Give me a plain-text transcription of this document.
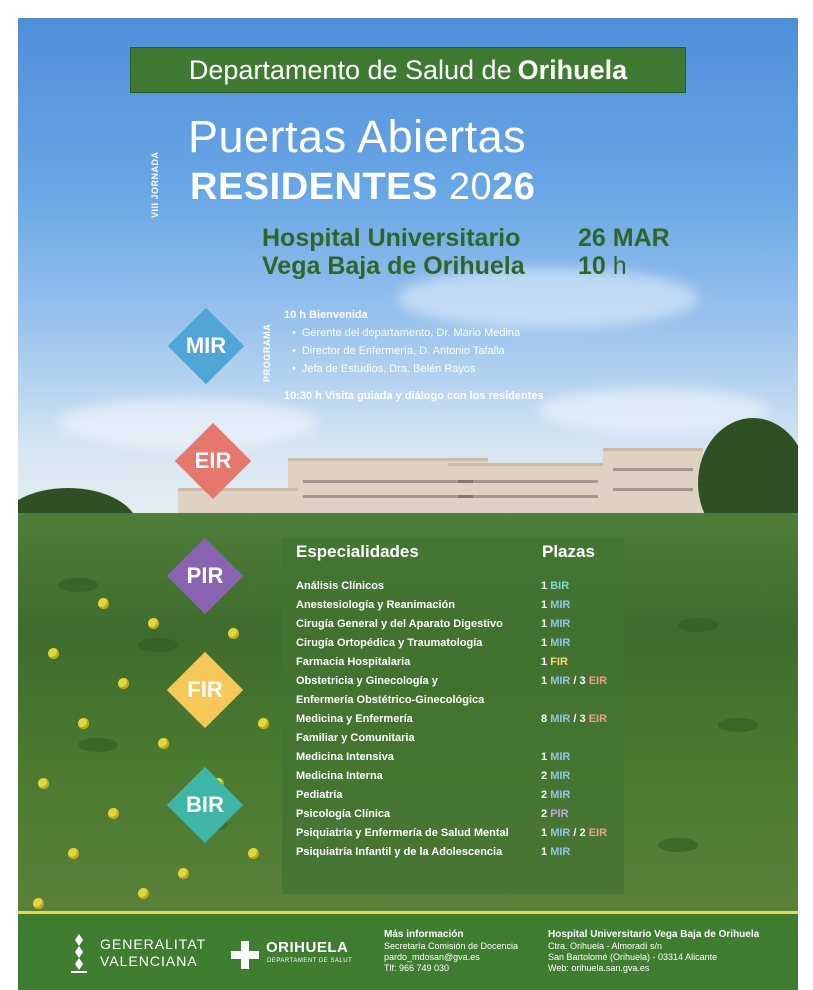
Departamento de Salud de Orihuela
VIII JORNADA
Puertas Abiertas
RESIDENTES 2026
Hospital Universitario
Vega Baja de Orihuela
26 MAR
10 h
PROGRAMA
10 h Bienvenida
• Gerente del departamento, Dr. Mario Medina
• Director de Enfermería, D. Antonio Tafalla
• Jefa de Estudios, Dra. Belén Rayos
10:30 h Visita guiada y diálogo con los residentes
MIR
EIR
PIR
FIR
BIR
Especialidades	Plazas
Análisis Clínicos	1 BIR
Anestesiología y Reanimación	1 MIR
Cirugía General y del Aparato Digestivo	1 MIR
Cirugía Ortopédica y Traumatología	1 MIR
Farmacia Hospitalaria	1 FIR
Obstetricia y Ginecología y	1 MIR / 3 EIR
Enfermería Obstétrico-Ginecológica
Medicina y Enfermería	8 MIR / 3 EIR
Familiar y Comunitaria
Medicina Intensiva	1 MIR
Medicina Interna	2 MIR
Pediatría	2 MIR
Psicología Clínica	2 PIR
Psiquiatría y Enfermería de Salud Mental	1 MIR / 2 EIR
Psiquiatría Infantil y de la Adolescencia	1 MIR
GENERALITAT
VALENCIANA
ORIHUELA
DEPARTAMENT DE SALUT
Más información
Secretaría Comisión de Docencia
pardo_mdosan@gva.es
Tlf: 966 749 030
Hospital Universitario Vega Baja de Orihuela
Ctra. Orihuela - Almoradí s/n
San Bartolomé (Orihuela) - 03314 Alicante
Web: orihuela.san.gva.es
